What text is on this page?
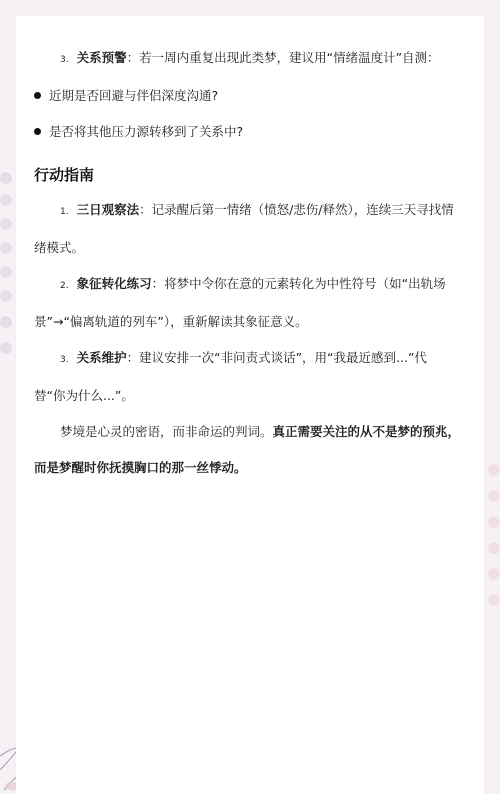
3. 关系预警：若一周内重复出现此类梦，建议用“情绪温度计”自测：
近期是否回避与伴侣深度沟通?
是否将其他压力源转移到了关系中?
行动指南
1. 三日观察法：记录醒后第一情绪（愤怒/悲伤/释然），连续三天寻找情
绪模式。
2. 象征转化练习：将梦中令你在意的元素转化为中性符号（如“出轨场
景”→“偏离轨道的列车”），重新解读其象征意义。
3. 关系维护：建议安排一次“非问责式谈话”，用“我最近感到...”代
替“你为什么...”。
梦境是心灵的密语，而非命运的判词。真正需要关注的从不是梦的预兆，
而是梦醒时你抚摸胸口的那一丝悸动。
